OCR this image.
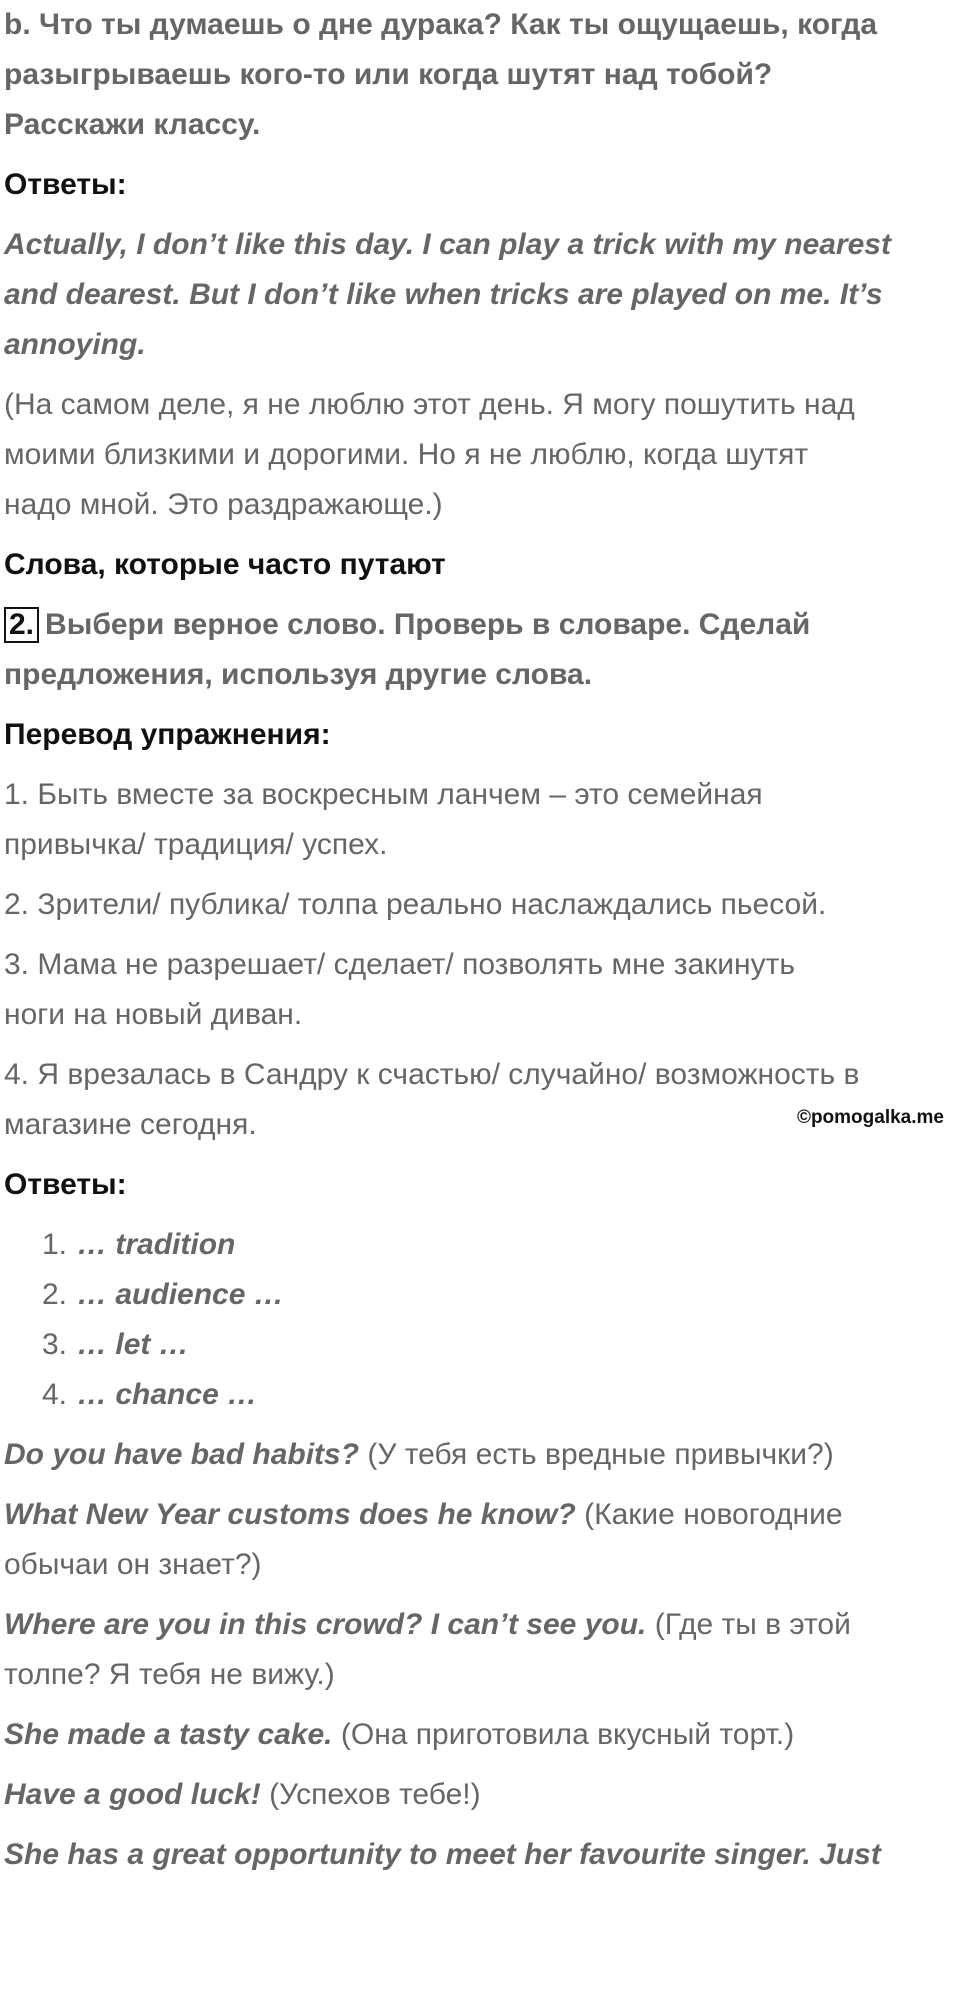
b. Что ты думаешь о дне дурака? Как ты ощущаешь, когда

разыгрываешь кого-то или когда шутят над тобой?

Расскажи классу.

Ответы:

Actually, I don’t like this day. I can play a trick with my nearest

and dearest. But I don’t like when tricks are played on me. It’s

annoying.

(На самом деле, я не люблю этот день. Я могу пошутить над

моими близкими и дорогими. Но я не люблю, когда шутят

надо мной. Это раздражающе.)

Слова, которые часто путают

2. Выбери верное слово. Проверь в словаре. Сделай

предложения, используя другие слова.

Перевод упражнения:

1. Быть вместе за воскресным ланчем – это семейная

привычка/ традиция/ успех.

2. Зрители/ публика/ толпа реально наслаждались пьесой.

3. Мама не разрешает/ сделает/ позволять мне закинуть

ноги на новый диван.

4. Я врезалась в Сандру к счастью/ случайно/ возможность в

©pomogalka.me

магазине сегодня.

Ответы:

1. … tradition
2. … audience …
3. … let …
4. … chance …

Do you have bad habits? (У тебя есть вредные привычки?)

What New Year customs does he know? (Какие новогодние

обычаи он знает?)

Where are you in this crowd? I can’t see you. (Где ты в этой

толпе? Я тебя не вижу.)

She made a tasty cake. (Она приготовила вкусный торт.)

Have a good luck! (Успехов тебе!)

She has a great opportunity to meet her favourite singer. Just
